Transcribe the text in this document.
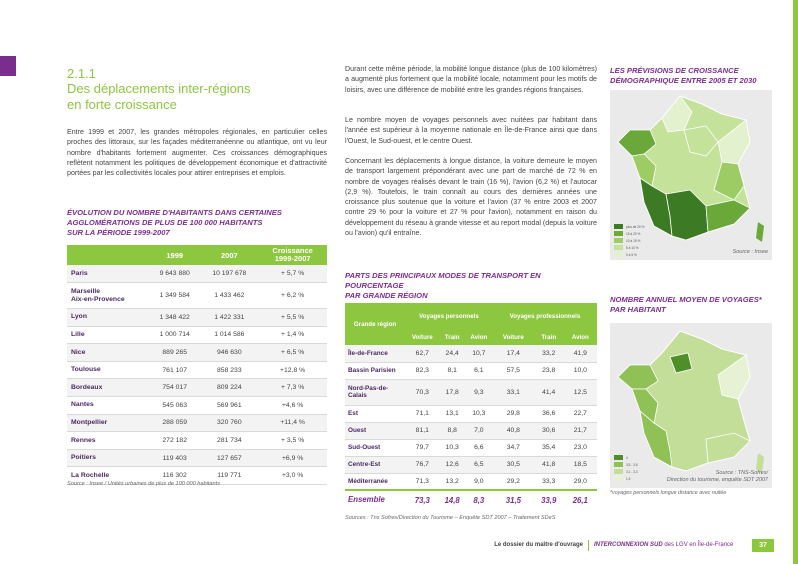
2.1.1
Des déplacements inter-régions
en forte croissance

Entre 1999 et 2007, les grandes métropoles régionales, en particulier celles proches des littoraux, sur les façades méditerranéenne ou atlantique, ont vu leur nombre d'habitants fortement augmenter. Ces croissances démographiques reflètent notamment les politiques de développement économique et d'attractivité portées par les collectivités locales pour attirer entreprises et emplois.

ÉVOLUTION DU NOMBRE D'HABITANTS DANS CERTAINES
AGGLOMÉRATIONS DE PLUS DE 100 000 HABITANTS
SUR LA PÉRIODE 1999-2007
	1999	2007	Croissance
1999-2007

Paris	9 643 880	10 197 678	+ 5,7 %

Marseille
Aix-en-Provence	1 349 584	1 433 462	+ 6,2 %
Lyon	1 348 422	1 422 331	+ 5,5 %
Lille	1 000 714	1 014 586	+ 1,4 %
Nice	889 265	946 630	+ 6,5 %
Toulouse	761 107	858 233	+12,8 %
Bordeaux	754 017	809 224	+ 7,3 %
Nantes	545 063	569 961	+4,6 %
Montpellier	288 059	320 760	+11,4 %
Rennes	272 182	281 734	+ 3,5 %
Poitiers	119 403	127 657	+6,9 %
La Rochelle	116 302	119 771	+3,0 %
Source : Insee / Unités urbaines de plus de 100 000 habitants

Durant cette même période, la mobilité longue distance (plus de 100 kilomètres) a augmenté plus fortement que la mobilité locale, notamment pour les motifs de loisirs, avec une différence de mobilité entre les grandes régions françaises.

Le nombre moyen de voyages personnels avec nuitées par habitant dans l'année est supérieur à la moyenne nationale en Île-de-France ainsi que dans l'Ouest, le Sud-ouest, et le centre Ouest.

Concernant les déplacements à longue distance, la voiture demeure le moyen de transport largement prépondérant avec une part de marché de 72 % en nombre de voyages réalisés devant le train (16 %), l'avion (6,2 %) et l'autocar (2,9 %). Toutefois, le train connaît au cours des dernières années une croissance plus soutenue que la voiture et l'avion (37 % entre 2003 et 2007 contre 29 % pour la voiture et 27 % pour l'avion), notamment en raison du développement du réseau à grande vitesse et au report modal (depuis la voiture ou l'avion) qu'il entraîne.

PARTS DES PRINCIPAUX MODES DE TRANSPORT EN POURCENTAGE
PAR GRANDE RÉGION
Grande région	Voyages personnels			Voyages professionnels		
	Voiture	Train	Avion	Voiture	Train	Avion
Île-de-France	62,7	24,4	10,7	17,4	33,2	41,9
Bassin Parisien	82,3	8,1	6,1	57,5	23,8	10,0

Nord-Pas-de-
Calais	70,3	17,8	9,3	33,1	41,4	12,5
Est	71,1	13,1	10,3	29,8	36,6	22,7
Ouest	81,1	8,8	7,0	40,8	30,6	21,7
Sud-Ouest	79,7	10,3	6,6	34,7	35,4	23,0
Centre-Est	76,7	12,6	6,5	30,5	41,8	18,5
Méditerranée	71,3	13,2	9,0	29,2	33,3	29,0
Ensemble	73,3	14,8	8,3	31,5	33,9	26,1
Sources : Tns Sofres/Direction du Tourisme – Enquête SDT 2007 – Traitement SDeS
LES PRÉVISIONS DE CROISSANCE
DÉMOGRAPHIQUE ENTRE 2005 ET 2030
plus de 20 %
15 à 20 %
10 à 15 %
5 à 10 %
0 à 5 %	Source : Insee
NOMBRE ANNUEL MOYEN DE VOYAGES*
PAR HABITANT
4
3,5 - 3,6
3,1 - 3,3
1,5
Source : TNS-Sofres/
Direction du tourisme, enquête SDT 2007
*voyages personnels longue distance avec nuitée
Le dossier du maître d'ouvrage INTERCONNEXION SUD des LGV en Île-de-France	37
